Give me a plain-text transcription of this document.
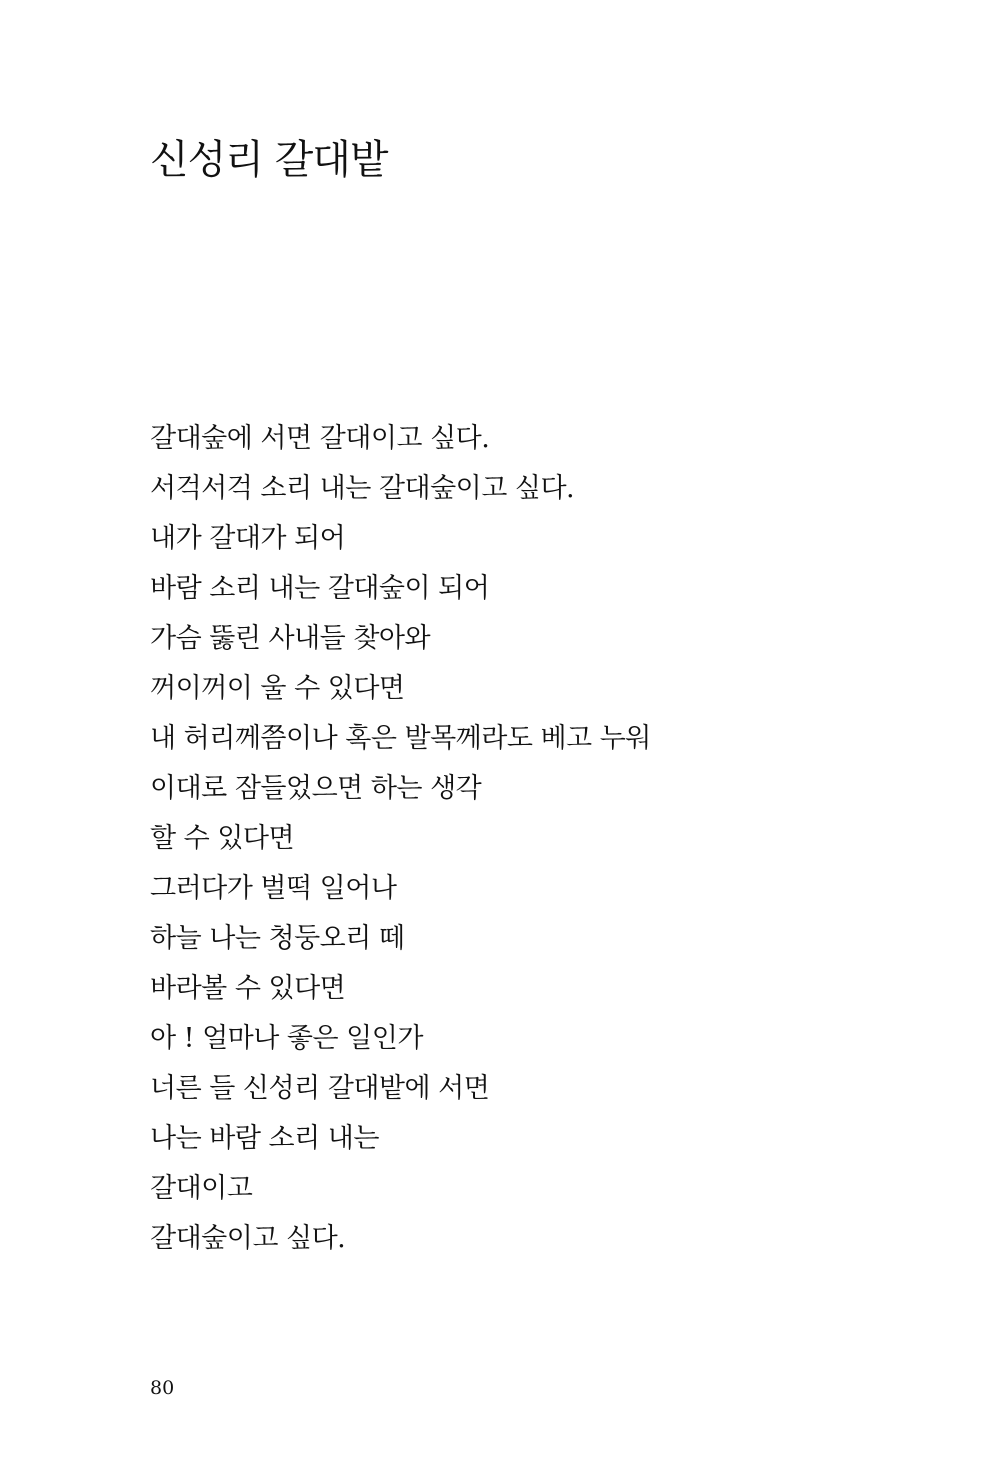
신성리 갈대밭
갈대숲에 서면 갈대이고 싶다.
서걱서걱 소리 내는 갈대숲이고 싶다.
내가 갈대가 되어
바람 소리 내는 갈대숲이 되어
가슴 뚫린 사내들 찾아와
꺼이꺼이 울 수 있다면
내 허리께쯤이나 혹은 발목께라도 베고 누워
이대로 잠들었으면 하는 생각
할 수 있다면
그러다가 벌떡 일어나
하늘 나는 청둥오리 떼
바라볼 수 있다면
아 ! 얼마나 좋은 일인가
너른 들 신성리 갈대밭에 서면
나는 바람 소리 내는
갈대이고
갈대숲이고 싶다.
80
